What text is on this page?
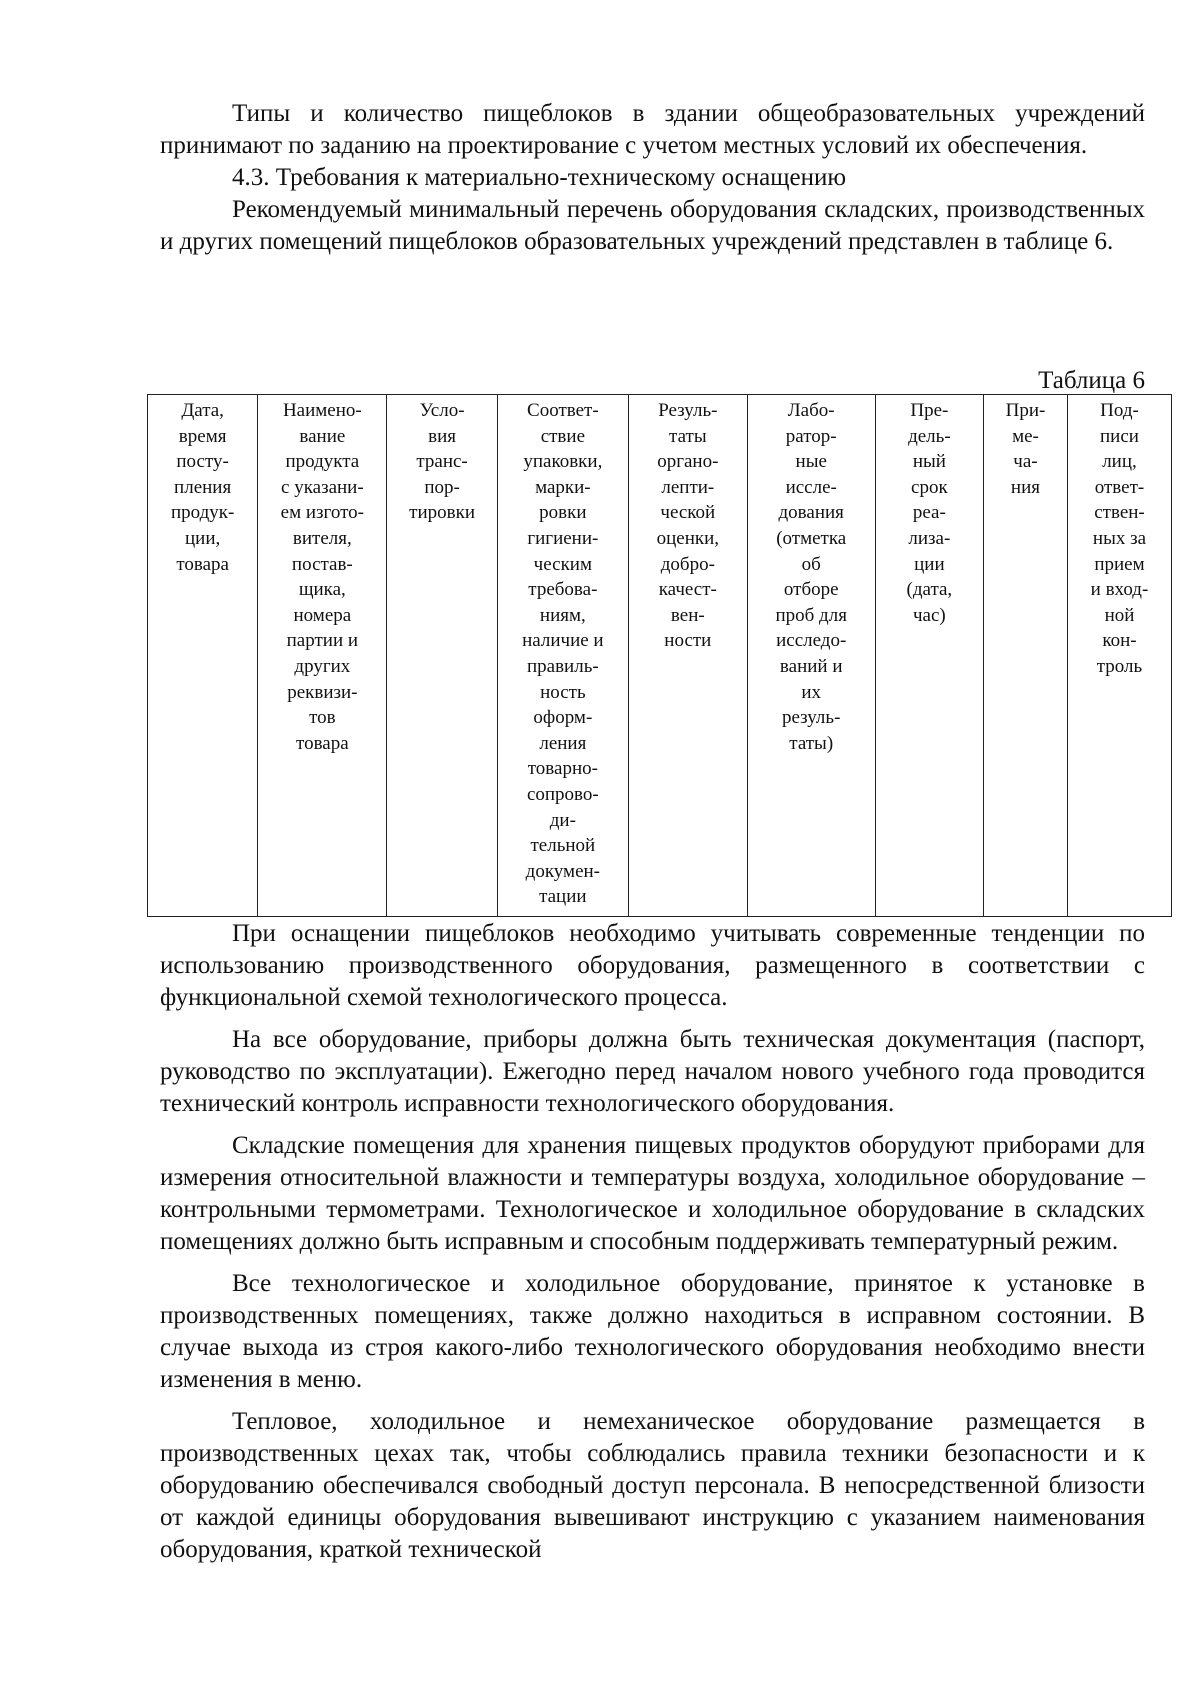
Типы и количество пищеблоков в здании общеобразовательных учреждений принимают по заданию на проектирование с учетом местных условий их обеспечения.

4.3. Требования к материально-техническому оснащению

Рекомендуемый минимальный перечень оборудования складских, производственных и других помещений пищеблоков образовательных учреждений представлен в таблице 6.

Таблица 6
Дата,
время
посту-
пления
продук-
ции,
товара	Наимено-
вание
продукта
с указани-
ем изгото-
вителя,
постав-
щика,
номера
партии и
других
реквизи-
тов
товара	Усло-
вия
транс-
пор-
тировки	Соответ-
ствие
упаковки,
марки-
ровки
гигиени-
ческим
требова-
ниям,
наличие и
правиль-
ность
оформ-
ления
товарно-
сопрово-
ди-
тельной
докумен-
тации	Резуль-
таты
органо-
лепти-
ческой
оценки,
добро-
качест-
вен-
ности	Лабо-
ратор-
ные
иссле-
дования
(отметка
об
отборе
проб для
исследо-
ваний и
их
резуль-
таты)	Пре-
дель-
ный
срок
реа-
лиза-
ции
(дата,
час)	При-
ме-
ча-
ния	Под-
писи
лиц,
ответ-
ствен-
ных за
прием
и вход-
ной
кон-
троль

При оснащении пищеблоков необходимо учитывать современные тенденции по использованию производственного оборудования, размещенного в соответствии с функциональной схемой технологического процесса.

На все оборудование, приборы должна быть техническая документация (паспорт, руководство по эксплуатации). Ежегодно перед началом нового учебного года проводится технический контроль исправности технологического оборудования.

Складские помещения для хранения пищевых продуктов оборудуют приборами для измерения относительной влажности и температуры воздуха, холодильное оборудование – контрольными термометрами. Технологическое и холодильное оборудование в складских помещениях должно быть исправным и способным поддерживать температурный режим.

Все технологическое и холодильное оборудование, принятое к установке в производственных помещениях, также должно находиться в исправном состоянии. В случае выхода из строя какого-либо технологического оборудования необходимо внести изменения в меню.

Тепловое, холодильное и немеханическое оборудование размещается в производственных цехах так, чтобы соблюдались правила техники безопасности и к оборудованию обеспечивался свободный доступ персонала. В непосредственной близости от каждой единицы оборудования вывешивают инструкцию с указанием наименования оборудования, краткой технической
